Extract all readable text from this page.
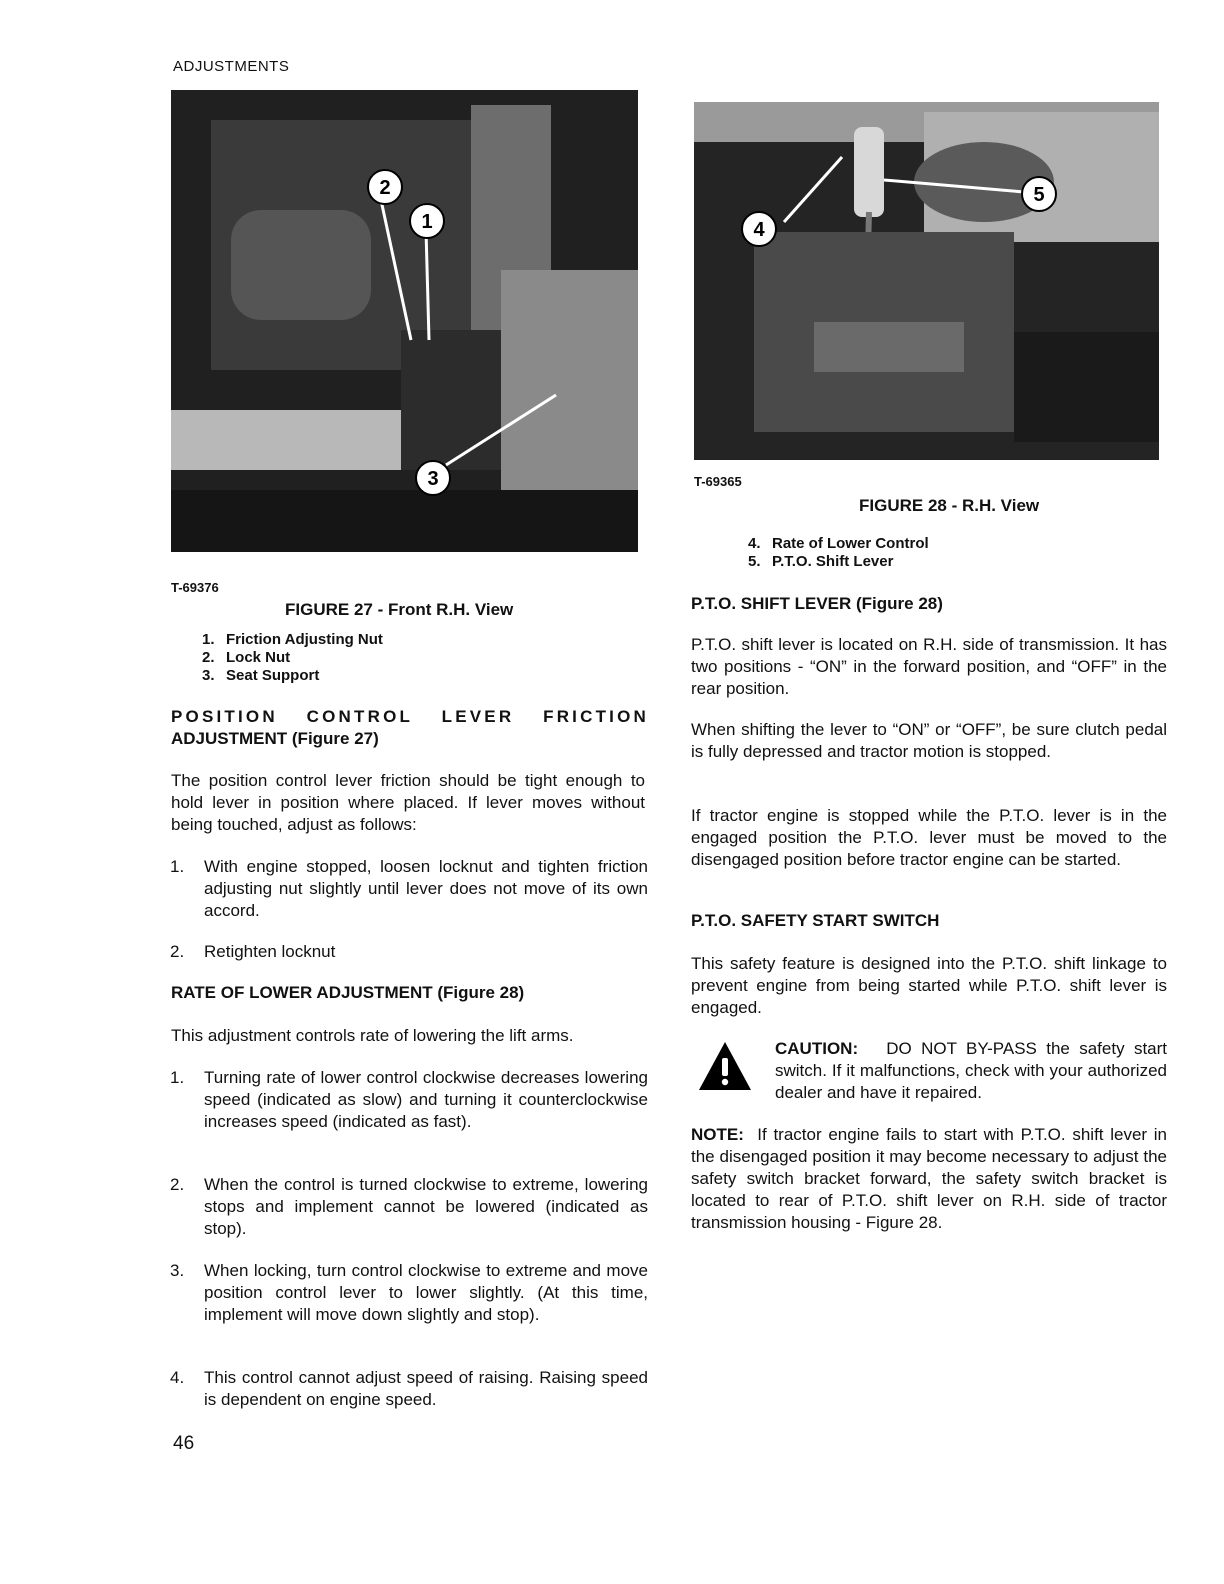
ADJUSTMENTS
2
1
3
4
5
T-69376
FIGURE 27 - Front R.H. View
1. Friction Adjusting Nut
2. Lock Nut
3. Seat Support
T-69365
FIGURE 28 - R.H. View
4. Rate of Lower Control
5. P.T.O. Shift Lever
POSITION CONTROL LEVER FRICTION
ADJUSTMENT (Figure 27)

The position control lever friction should be tight enough to hold lever in position where placed. If lever moves without being touched, adjust as follows:

1. With engine stopped, loosen locknut and tighten friction adjusting nut slightly until lever does not move of its own accord.
2. Retighten locknut
RATE OF LOWER ADJUSTMENT (Figure 28)

This adjustment controls rate of lowering the lift arms.

1. Turning rate of lower control clockwise decreases lowering speed (indicated as slow) and turning it counterclockwise increases speed (indicated as fast).
2. When the control is turned clockwise to extreme, lowering stops and implement cannot be lowered (indicated as stop).
3. When locking, turn control clockwise to extreme and move position control lever to lower slightly. (At this time, implement will move down slightly and stop).
4. This control cannot adjust speed of raising. Raising speed is dependent on engine speed.
P.T.O. SHIFT LEVER (Figure 28)

P.T.O. shift lever is located on R.H. side of transmission. It has two positions - “ON” in the forward position, and “OFF” in the rear position.

When shifting the lever to “ON” or “OFF”, be sure clutch pedal is fully depressed and tractor motion is stopped.

If tractor engine is stopped while the P.T.O. lever is in the engaged position the P.T.O. lever must be moved to the disengaged position before tractor engine can be started.

P.T.O. SAFETY START SWITCH

This safety feature is designed into the P.T.O. shift linkage to prevent engine from being started while P.T.O. shift lever is engaged.

CAUTION: DO NOT BY-PASS the safety start switch. If it malfunctions, check with your authorized dealer and have it repaired.

NOTE: If tractor engine fails to start with P.T.O. shift lever in the disengaged position it may become necessary to adjust the safety switch bracket forward, the safety switch bracket is located to rear of P.T.O. shift lever on R.H. side of tractor transmission housing - Figure 28.

46
